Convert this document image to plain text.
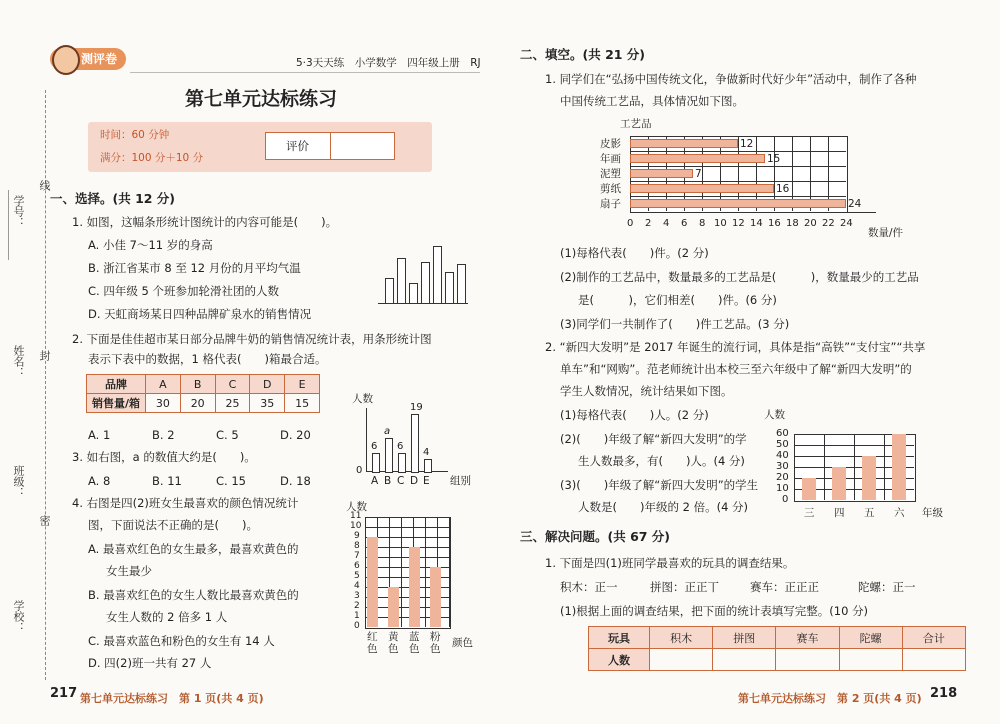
学号：
姓名：
班级：
学校：
线
封
密
测评卷	5·3天天练　小学数学　四年级上册　RJ
第七单元达标练习
时间：60 分钟
满分：100 分＋10 分
评价
一、选择。(共 12 分)
1. 如图，这幅条形统计图统计的内容可能是(　　)。
A. 小佳 7～11 岁的身高
B. 浙江省某市 8 至 12 月份的月平均气温
C. 四年级 5 个班参加轮滑社团的人数
D. 天虹商场某日四种品牌矿泉水的销售情况
2. 下面是佳佳超市某日部分品牌牛奶的销售情况统计表，用条形统计图
表示下表中的数据，1 格代表(　　)箱最合适。
品牌	A	B	C	D	E
销售量/箱	30	20	25	35	15
A. 1	B. 2	C. 5	D. 20
3. 如右图，a 的数值大约是(　　)。
A. 8	B. 11	C. 15	D. 18
人数
0
6
A
a
B
6
C
19
D
4
E 组别
4. 右图是四(2)班女生最喜欢的颜色情况统计
图，下面说法不正确的是(　　)。
A. 最喜欢红色的女生最多，最喜欢黄色的
女生最少
B. 最喜欢红色的女生人数比最喜欢黄色的
女生人数的 2 倍多 1 人
C. 最喜欢蓝色和粉色的女生有 14 人
D. 四(2)班一共有 27 人
人数
0
1
2
3
4
5
6
7
8
9
10
11
红色
黄色
蓝色
粉色 颜色
217 第七单元达标练习　第 1 页(共 4 页)
二、填空。(共 21 分)
1. 同学们在“弘扬中国传统文化，争做新时代好少年”活动中，制作了各种
中国传统工艺品，具体情况如下图。
工艺品
皮影	12
年画	15
泥塑	7
剪纸	16
扇子	24
0 2 4 6 8 10 12 14 16 18 20 22 24
数量/件
(1)每格代表(　　)件。(2 分)
(2)制作的工艺品中，数量最多的工艺品是(　　　)，数量最少的工艺品
是(　　　)，它们相差(　　)件。(6 分)
(3)同学们一共制作了(　　)件工艺品。(3 分)
2. “新四大发明”是 2017 年诞生的流行词，具体是指“高铁”“支付宝”“共享
单车”和“网购”。范老师统计出本校三至六年级中了解“新四大发明”的
学生人数情况，统计结果如下图。
(1)每格代表(　　)人。(2 分)
(2)(　　)年级了解“新四大发明”的学
生人数最多，有(　　)人。(4 分)
(3)(　　)年级了解“新四大发明”的学生
人数是(　　)年级的 2 倍。(4 分)
人数
0
10
20
30
40
50
60
三 四 五 六 年级
三、解决问题。(共 67 分)
1. 下面是四(1)班同学最喜欢的玩具的调查结果。
积木：正一	拼图：正正丅	赛车：正正正	陀螺：正一
(1)根据上面的调查结果，把下面的统计表填写完整。(10 分)
玩具	积木	拼图	赛车	陀螺	合计
人数					
第七单元达标练习　第 2 页(共 4 页) 218
